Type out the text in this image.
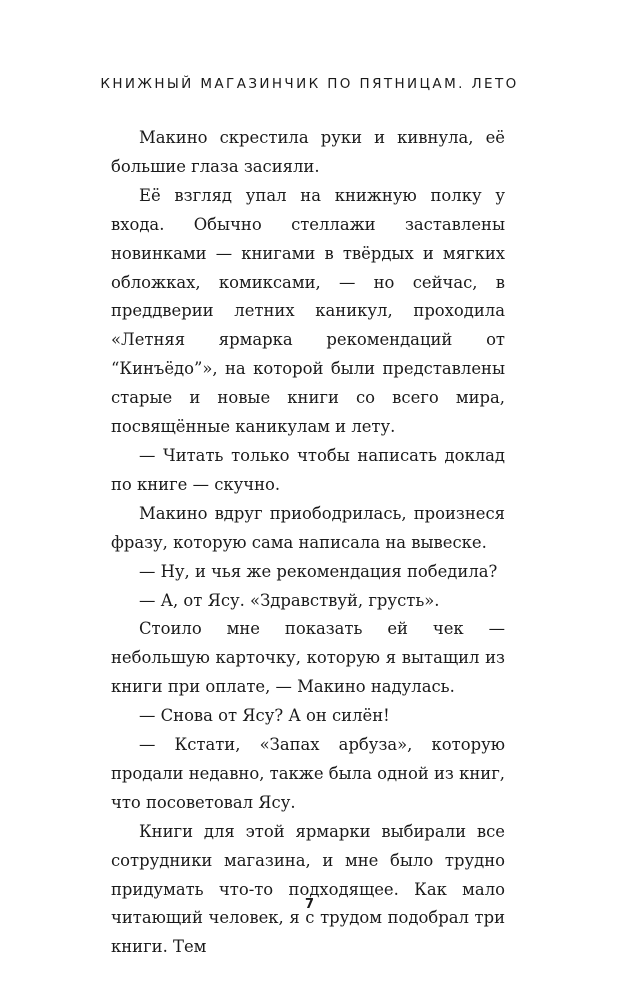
КНИЖНЫЙ МАГАЗИНЧИК ПО ПЯТНИЦАМ. ЛЕТО

Макино скрестила руки и кивнула, её большие глаза засияли.

Её взгляд упал на книжную полку у входа. Обычно стеллажи заставлены новинками — книгами в твёрдых и мягких обложках, комиксами, — но сейчас, в преддверии летних каникул, проходила «Летняя ярмарка рекомендаций от “Кинъёдо”», на которой были представлены старые и новые книги со всего мира, посвящённые каникулам и лету.

— Читать только чтобы написать доклад по книге — скучно.

Макино вдруг приободрилась, произнеся фразу, которую сама написала на вывеске.

— Ну, и чья же рекомендация победила?

— А, от Ясу. «Здравствуй, грусть».

Стоило мне показать ей чек — небольшую карточку, которую я вытащил из книги при оплате, — Макино надулась.

— Снова от Ясу? А он силён!

— Кстати, «Запах арбуза», которую продали недавно, также была одной из книг, что посоветовал Ясу.

Книги для этой ярмарки выбирали все сотрудники магазина, и мне было трудно придумать что-то подходящее. Как мало читающий человек, я с трудом подобрал три книги. Тем

7
